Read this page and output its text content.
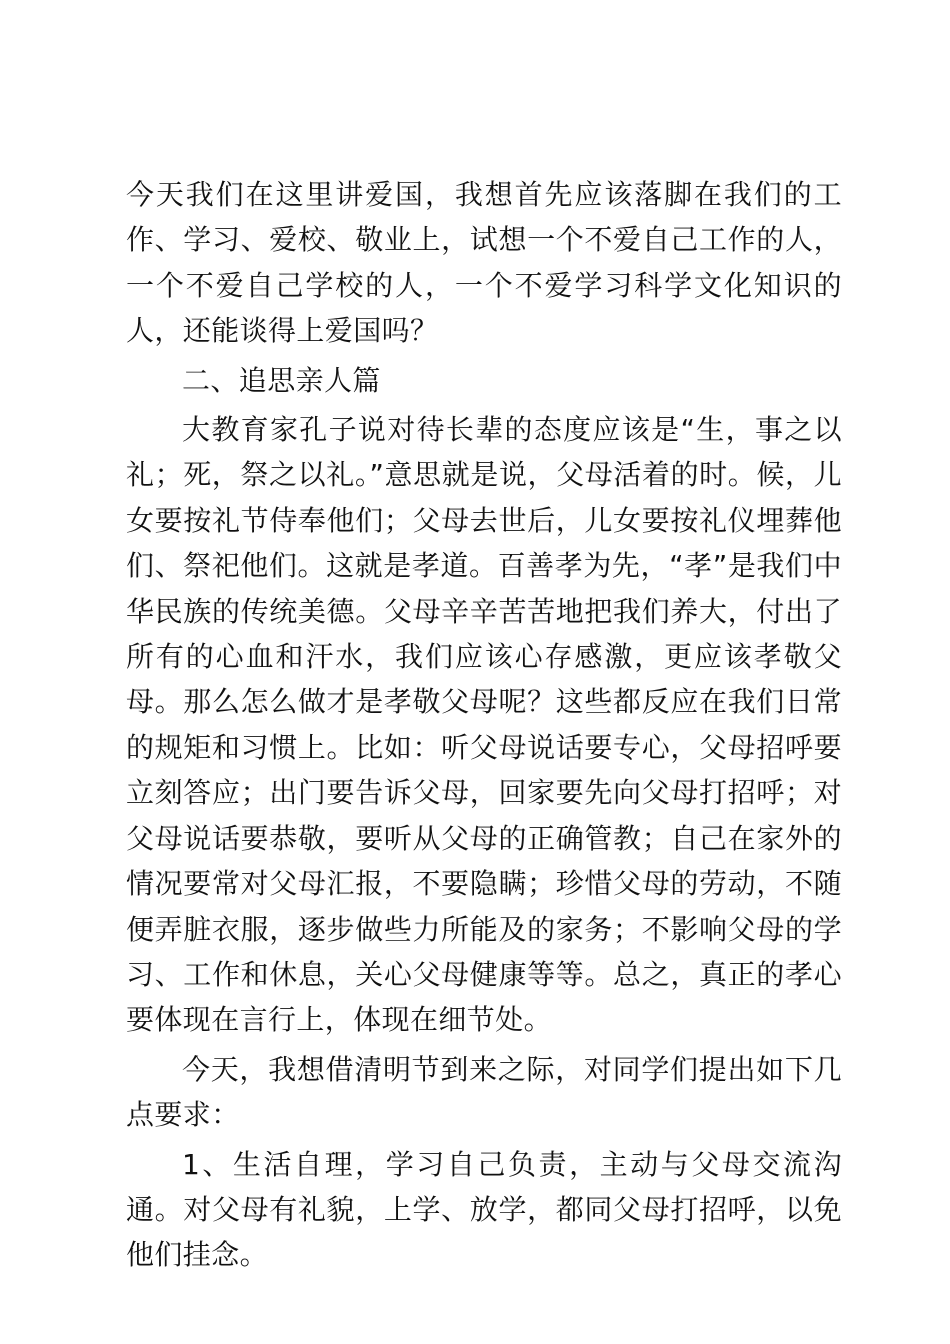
今天我们在这里讲爱国，我想首先应该落脚在我们的工作、学习、爱校、敬业上，试想一个不爱自己工作的人，一个不爱自己学校的人，一个不爱学习科学文化知识的人，还能谈得上爱国吗？

二、追思亲人篇

大教育家孔子说对待长辈的态度应该是“生，事之以礼；死，祭之以礼。”意思就是说，父母活着的时。候，儿女要按礼节侍奉他们；父母去世后，儿女要按礼仪埋葬他们、祭祀他们。这就是孝道。百善孝为先，“孝”是我们中华民族的传统美德。父母辛辛苦苦地把我们养大，付出了所有的心血和汗水，我们应该心存感激，更应该孝敬父母。那么怎么做才是孝敬父母呢？这些都反应在我们日常的规矩和习惯上。比如：听父母说话要专心，父母招呼要立刻答应；出门要告诉父母，回家要先向父母打招呼；对父母说话要恭敬，要听从父母的正确管教；自己在家外的情况要常对父母汇报，不要隐瞒；珍惜父母的劳动，不随便弄脏衣服，逐步做些力所能及的家务；不影响父母的学习、工作和休息，关心父母健康等等。总之，真正的孝心要体现在言行上，体现在细节处。

今天，我想借清明节到来之际，对同学们提出如下几点要求：

1、生活自理，学习自己负责，主动与父母交流沟通。对父母有礼貌，上学、放学，都同父母打招呼，以免他们挂念。
